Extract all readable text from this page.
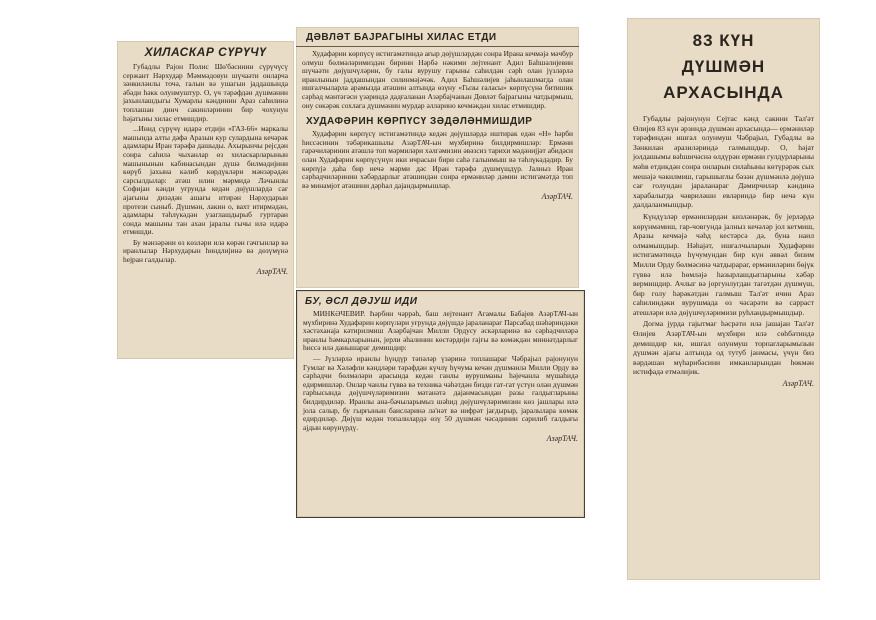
ХИЛАСКАР СҮРҮЧҮ

Губадлы Рајон Полис Шө'бәсинин сүрүчүсү сержант Нәрхудар Мәммәдовун шүчаәти онларча зәнкиләнлы точә, галын вә ушагын јаддашында әбәди һәкк олунмуштур. О, үч тәрәфдән дүшмәнин јахынлашдыгы Хумарлы кәндинин Араз саһилинә топлашан динч сакинләринин бир чохунун һәјатыны хилас етмишдир.

...Инид сүрүчү идарә етдији «ГАЗ-66» маркалы машында алты дәфә Аразын кур сулардына кечәрәк адамлары Иран тәрәфә дашыды. Ахырынчы рејсдән сонра саһилә чыханлар өз хиласкарларынын машынынын кабинасындан дүшә билмәдијини көрүб јахына кәлиб көрдүкләри мәнзәрәдән сарсылдылар: атәш илин мәрмидә Ләчынлы Софијан кәнди уғрунда кедән дөјүшлардә сағ ајағыны дизәдән ашағы итирән Нәрхударын протези сыныб. Дүшмән, лакин о, вахт итирмәдән, адамлары тәһлүкәдән узаглашдырыб гуртаран сонда машыны тан ахан јаралы гычы илә идарә етмишди.

Бу мәнзәрәни өз көзләри илә көрән гачгынлар вә иранлылар Нәрхударын һиндлијинә вә дөзүмүнә һејран галдылар.

АзәрТАЧ.
ДӘВЛӘТ БАЈРАГЫНЫ ХИЛАС ЕТДИ

Худафәрин көрпүсү истигамәтиндә ағыр дөјүшләрдән сонра Ирана кечмәјә мәчбур олмуш бөлмәләримиздән бирини Нәрбә нәкими лејтенант Адил Баһшәлијевин шүчаәти дөјүшчүләрин, бу галы вурушу гарыны саһилдән сәрһ олан јүзләрлә иранлынын јаддашындан силинмәјәчәк. Адил Баһшәлијев јаһынлашмагда олан ишғалчыларла арамызда атәшин алтында өзүну «Гызы ғаласы» көрпүсүнә битишик сәрһәд мәнтәгәси үзәриндә дадғаланан Азәрбајчанын Дөвләт бајрагыны чатдырмыш, ону сөкәрәк сохлага дүшмәнин мурдар әлләрино кечмәкдән хилас етмишдир.

ХУДАФӘРИН КӨРПҮСҮ ЗӘДӘЛӘНМИШДИР

Худафәрин көрпүсү истигамәтиндә кедән дөјүшләрдә иштирак едән «Н» һәрби һиссәсинин тәбәрикашылы АзәрТАЧ-ын мүхбиринә билдирмишләр: Ермәни гарәчиләринин атәшлә топ мәрмиләри хәлгәмизин әвәзсиз тарихи мәдәнијјәт абидәси олан Худафәрин көрпүсүнүн ики ичрасын бири саһә галынмыш вә тәһлүкәдәдир. Бу көрпүјә даһа бир нечә мәрми дәс Иран тәрәфә дүшмүшдүр. Јалныз Иран сәрһәдчиләринин хәбәрдарлыг атәшиндән сонра ермәниләр дәмин истигамәтдә топ вә минамјот атәшини дәрһал дајандырмышлар.

АзәрТАЧ.
БУ, ӘСЛ ДӘЈУШ ИДИ

МИНКӘЧЕВИР. Һәрбин чәррәһ, баш лејтенант Агамалы Бабајев АзәрТАЧ-ын мүхбиринә Худафәрин көрпүләри уғрунда дөјүшдә јараланараг Парсабад шәһәриндәки хәстәханаја кәтирилмиш Азәрбајчан Милли Ордусу әскәрларинә вә сәрһәдчиләрә иранлы һәмкарларынын, јерли әһалинин көстәрдији гајғы вә көмәкдән миннәтдарлыг һиссә илә данышараг демишдир:

— Јүзләрлә иранлы һүндүр тәпәләр үзәринә топлашараг Чәбрајыл рајонунун Гумлаг вә Хәләфли кәндләри тәрәфдән күчлү һүчума кечән дүшмәнлә Милли Орду вә сәрһәдчи бөлмәләри арасында кедән ганлы вурушманы һәјечанла мүшаһидә едирмишләр. Онлар чанлы гүввә вә техника чәһәтдән бизди гат-гат үстүн олан дүшмән гарһысында дөјүшчүләримизин мәтанәтә дајанмасындан разы галдыгларыны билдирдиләр. Иранлы ана-бачыларымыз шәһид дөјүшчүләримизин көз јашлары илә јола сәлыр, бу гырғынын баисләринә лә'нәт вә нифрәт јағдырыр, јаралылара көмәк едирдиләр. Дөјүш кедән топалнлардә өзү 50 дүшмән чәсәдинин сәрилиб галдығы ајдын көрүнүрдү.

АзәрТАЧ.
83 КҮН
ДҮШМӘН
АРХАСЫНДА

Губадлы рајонунун Сејтас кәнд сакини Тал'әт Өлијев 83 күн әрзиндә дүшмән архасында— ермәниләр тәрәфиндән ишғал олунмуш Чәбрајыл, Губадлы вә Зәнкилан әразиләриндә галмышдыр. О, һәјат јолдашымы вәһшичәснә өлдүрән ермәни гулдурларыны мәһв етдикдән сонра онларын силаһыны көтүрәрәк сых мешәјә чәкилмиш, гарышыглы бәзән дүшмәнлә дөјүшә сағ голундан јараланараг Дәмирчиләр кәндинә харабалыгда чәвриләшн евләриндә бир нечә күн далдаланмышдыр.

Күндүзләр ермәниләрдән кизләнәрәк, бу јерләрдә көрүнмәмиш, гар-човгунда јалныз кечәләр јол кетмиш, Аразы кечмәјә чәһд кестәрсә дә, буна наил олмамышдыр. Нәһајәт, ишғалчыларын Худафәрин истигамәтиндә һүчумундан бир күн әввәл бизим Милли Орду бөлмәсинә чатдырараг, ермәниләрин бөјүк гүввә илә һөмләјә һазырлашдыгларыны хәбәр вермишдир. Ачлыг вә јоргунлугдан тагәтдән дүшмүш, бир голу һәрәкәтдән галмыш Тал'әт ичин Араз саһилиндәки вурушмада өз чәсарәти вә сарраст атешләри илә дөјүшчүләримизи руһландырмышдыр.

Догма јурда гајытмаг һәсрәти илә јашајан Тал'әт Өлијев АзәрТАЧ-ын мүхбири илә сөһбәтиндә демишдир ки, ишғал олунмуш торпагларымызын дүшмән ајағы алтында од тутуб јанмасы, үчүн биз вәрдәшан мүһарибәсини имканларындан һөкмән истифадә етмәлијик.

АзәрТАЧ.
